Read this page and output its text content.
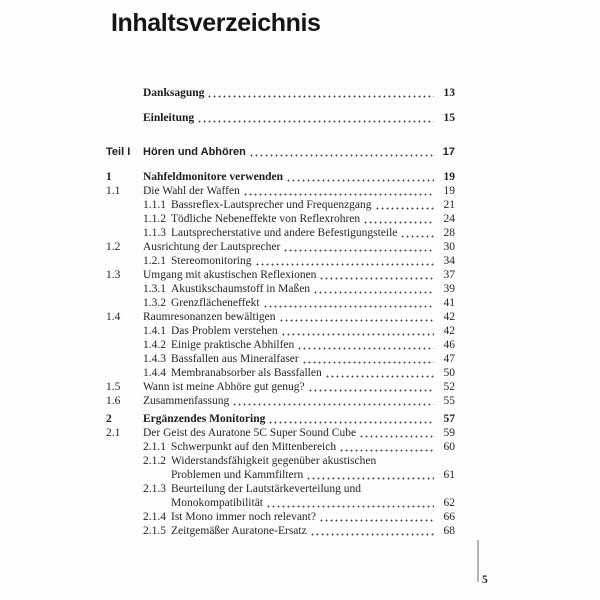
Inhaltsverzeichnis
Danksagung	13
Einleitung	15
Teil I	Hören und Abhören	17
1	Nahfeldmonitore verwenden	19
1.1	Die Wahl der Waffen	19
1.1.1 Bassreflex-Lautsprecher und Frequenzgang	21
1.1.2 Tödliche Nebeneffekte von Reflexrohren	24
1.1.3 Lautsprecherstative und andere Befestigungsteile	28
1.2	Ausrichtung der Lautsprecher	30
1.2.1 Stereomonitoring	34
1.3	Umgang mit akustischen Reflexionen	37
1.3.1 Akustikschaumstoff in Maßen	39
1.3.2 Grenzflächeneffekt	41
1.4	Raumresonanzen bewältigen	42
1.4.1 Das Problem verstehen	42
1.4.2 Einige praktische Abhilfen	46
1.4.3 Bassfallen aus Mineralfaser	47
1.4.4 Membranabsorber als Bassfallen	50
1.5	Wann ist meine Abhöre gut genug?	52
1.6	Zusammenfassung	55
2	Ergänzendes Monitoring	57
2.1	Der Geist des Auratone 5C Super Sound Cube	59
2.1.1 Schwerpunkt auf den Mittenbereich	60
2.1.2 Widerstandsfähigkeit gegenüber akustischen
Problemen und Kammfiltern	61
2.1.3 Beurteilung der Lautstärkeverteilung und
Monokompatibilität	62
2.1.4 Ist Mono immer noch relevant?	66
2.1.5 Zeitgemäßer Auratone-Ersatz	68
5
